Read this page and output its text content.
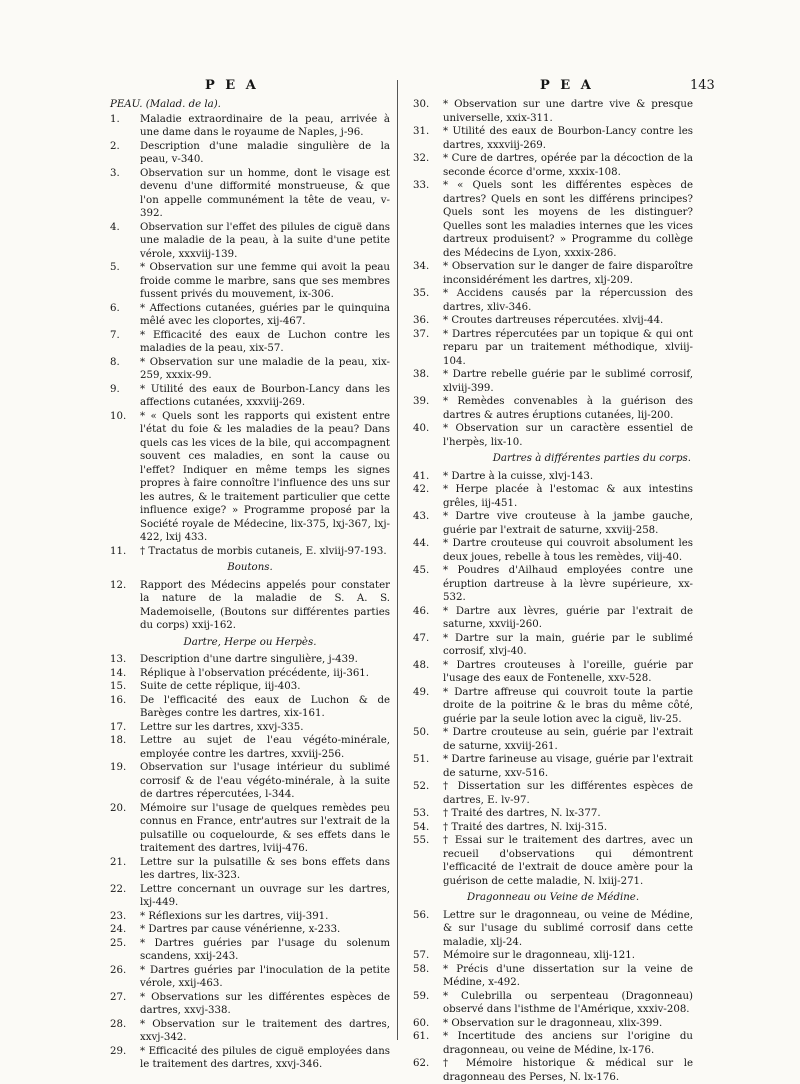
P E A	P E A	143
PEAU. (Malad. de la).
1.	Maladie extraordinaire de la peau, arrivée à une dame dans le royaume de Naples, j-96.
2.	Description d'une maladie singulière de la peau, v-340.
3.	Observation sur un homme, dont le visage est devenu d'une difformité monstrueuse, & que l'on appelle communément la tête de veau, v-392.
4.	Observation sur l'effet des pilules de ciguë dans une maladie de la peau, à la suite d'une petite vérole, xxxviij-139.
5.	* Observation sur une femme qui avoit la peau froide comme le marbre, sans que ses membres fussent privés du mouvement, ix-306.
6.	* Affections cutanées, guéries par le quinquina mêlé avec les cloportes, xij-467.
7.	* Efficacité des eaux de Luchon contre les maladies de la peau, xix-57.
8.	* Observation sur une maladie de la peau, xix-259, xxxix-99.
9.	* Utilité des eaux de Bourbon-Lancy dans les affections cutanées, xxxviij-269.
10.	* « Quels sont les rapports qui existent entre l'état du foie & les maladies de la peau? Dans quels cas les vices de la bile, qui accompagnent souvent ces maladies, en sont la cause ou l'effet? Indiquer en même temps les signes propres à faire connoître l'influence des uns sur les autres, & le traitement particulier que cette influence exige? » Programme proposé par la Société royale de Médecine, lix-375, lxj-367, lxj-422, lxij 433.
11.	† Tractatus de morbis cutaneis, E. xlviij-97-193.
Boutons.
12.	Rapport des Médecins appelés pour constater la nature de la maladie de S. A. S. Mademoiselle, (Boutons sur différentes parties du corps) xxij-162.
Dartre, Herpe ou Herpès.
13.	Description d'une dartre singulière, j-439.
14.	Réplique à l'observation précédente, iij-361.
15.	Suite de cette réplique, iij-403.
16.	De l'efficacité des eaux de Luchon & de Barèges contre les dartres, xix-161.
17.	Lettre sur les dartres, xxvj-335.
18.	Lettre au sujet de l'eau végéto-minérale, employée contre les dartres, xxviij-256.
19.	Observation sur l'usage intérieur du sublimé corrosif & de l'eau végéto-minérale, à la suite de dartres répercutées, l-344.
20.	Mémoire sur l'usage de quelques remèdes peu connus en France, entr'autres sur l'extrait de la pulsatille ou coquelourde, & ses effets dans le traitement des dartres, lviij-476.
21.	Lettre sur la pulsatille & ses bons effets dans les dartres, lix-323.
22.	Lettre concernant un ouvrage sur les dartres, lxj-449.
23.	* Réflexions sur les dartres, viij-391.
24.	* Dartres par cause vénérienne, x-233.
25.	* Dartres guéries par l'usage du solenum scandens, xxij-243.
26.	* Dartres guéries par l'inoculation de la petite vérole, xxij-463.
27.	* Observations sur les différentes espèces de dartres, xxvj-338.
28.	* Observation sur le traitement des dartres, xxvj-342.
29.	* Efficacité des pilules de ciguë employées dans le traitement des dartres, xxvj-346.
30.	* Observation sur une dartre vive & presque universelle, xxix-311.
31.	* Utilité des eaux de Bourbon-Lancy contre les dartres, xxxviij-269.
32.	* Cure de dartres, opérée par la décoction de la seconde écorce d'orme, xxxix-108.
33.	* « Quels sont les différentes espèces de dartres? Quels en sont les différens principes? Quels sont les moyens de les distinguer? Quelles sont les maladies internes que les vices dartreux produisent? » Programme du collège des Médecins de Lyon, xxxix-286.
34.	* Observation sur le danger de faire disparoître inconsidérément les dartres, xlj-209.
35.	* Accidens causés par la répercussion des dartres, xliv-346.
36.	* Croutes dartreuses répercutées. xlvij-44.
37.	* Dartres répercutées par un topique & qui ont reparu par un traitement méthodique, xlviij-104.
38.	* Dartre rebelle guérie par le sublimé corrosif, xlviij-399.
39.	* Remèdes convenables à la guérison des dartres & autres éruptions cutanées, lij-200.
40.	* Observation sur un caractère essentiel de l'herpès, lix-10.
Dartres à différentes parties du corps.
41.	* Dartre à la cuisse, xlvj-143.
42.	* Herpe placée à l'estomac & aux intestins grêles, iij-451.
43.	* Dartre vive crouteuse à la jambe gauche, guérie par l'extrait de saturne, xxviij-258.
44.	* Dartre crouteuse qui couvroit absolument les deux joues, rebelle à tous les remèdes, viij-40.
45.	* Poudres d'Ailhaud employées contre une éruption dartreuse à la lèvre supérieure, xx-532.
46.	* Dartre aux lèvres, guérie par l'extrait de saturne, xxviij-260.
47.	* Dartre sur la main, guérie par le sublimé corrosif, xlvj-40.
48.	* Dartres crouteuses à l'oreille, guérie par l'usage des eaux de Fontenelle, xxv-528.
49.	* Dartre affreuse qui couvroit toute la partie droite de la poitrine & le bras du même côté, guérie par la seule lotion avec la ciguë, liv-25.
50.	* Dartre crouteuse au sein, guérie par l'extrait de saturne, xxviij-261.
51.	* Dartre farineuse au visage, guérie par l'extrait de saturne, xxv-516.
52.	† Dissertation sur les différentes espèces de dartres, E. lv-97.
53.	† Traité des dartres, N. lx-377.
54.	† Traité des dartres, N. lxij-315.
55.	† Essai sur le traitement des dartres, avec un recueil d'observations qui démontrent l'efficacité de l'extrait de douce amère pour la guérison de cette maladie, N. lxiij-271.
Dragonneau ou Veine de Médine.
56.	Lettre sur le dragonneau, ou veine de Médine, & sur l'usage du sublimé corrosif dans cette maladie, xlj-24.
57.	Mémoire sur le dragonneau, xlij-121.
58.	* Précis d'une dissertation sur la veine de Médine, x-492.
59.	* Culebrilla ou serpenteau (Dragonneau) observé dans l'isthme de l'Amérique, xxxiv-208.
60.	* Observation sur le dragonneau, xlix-399.
61.	* Incertitude des anciens sur l'origine du dragonneau, ou veine de Médine, lx-176.
62.	† Mémoire historique & médical sur le dragonneau des Perses, N. lx-176.
